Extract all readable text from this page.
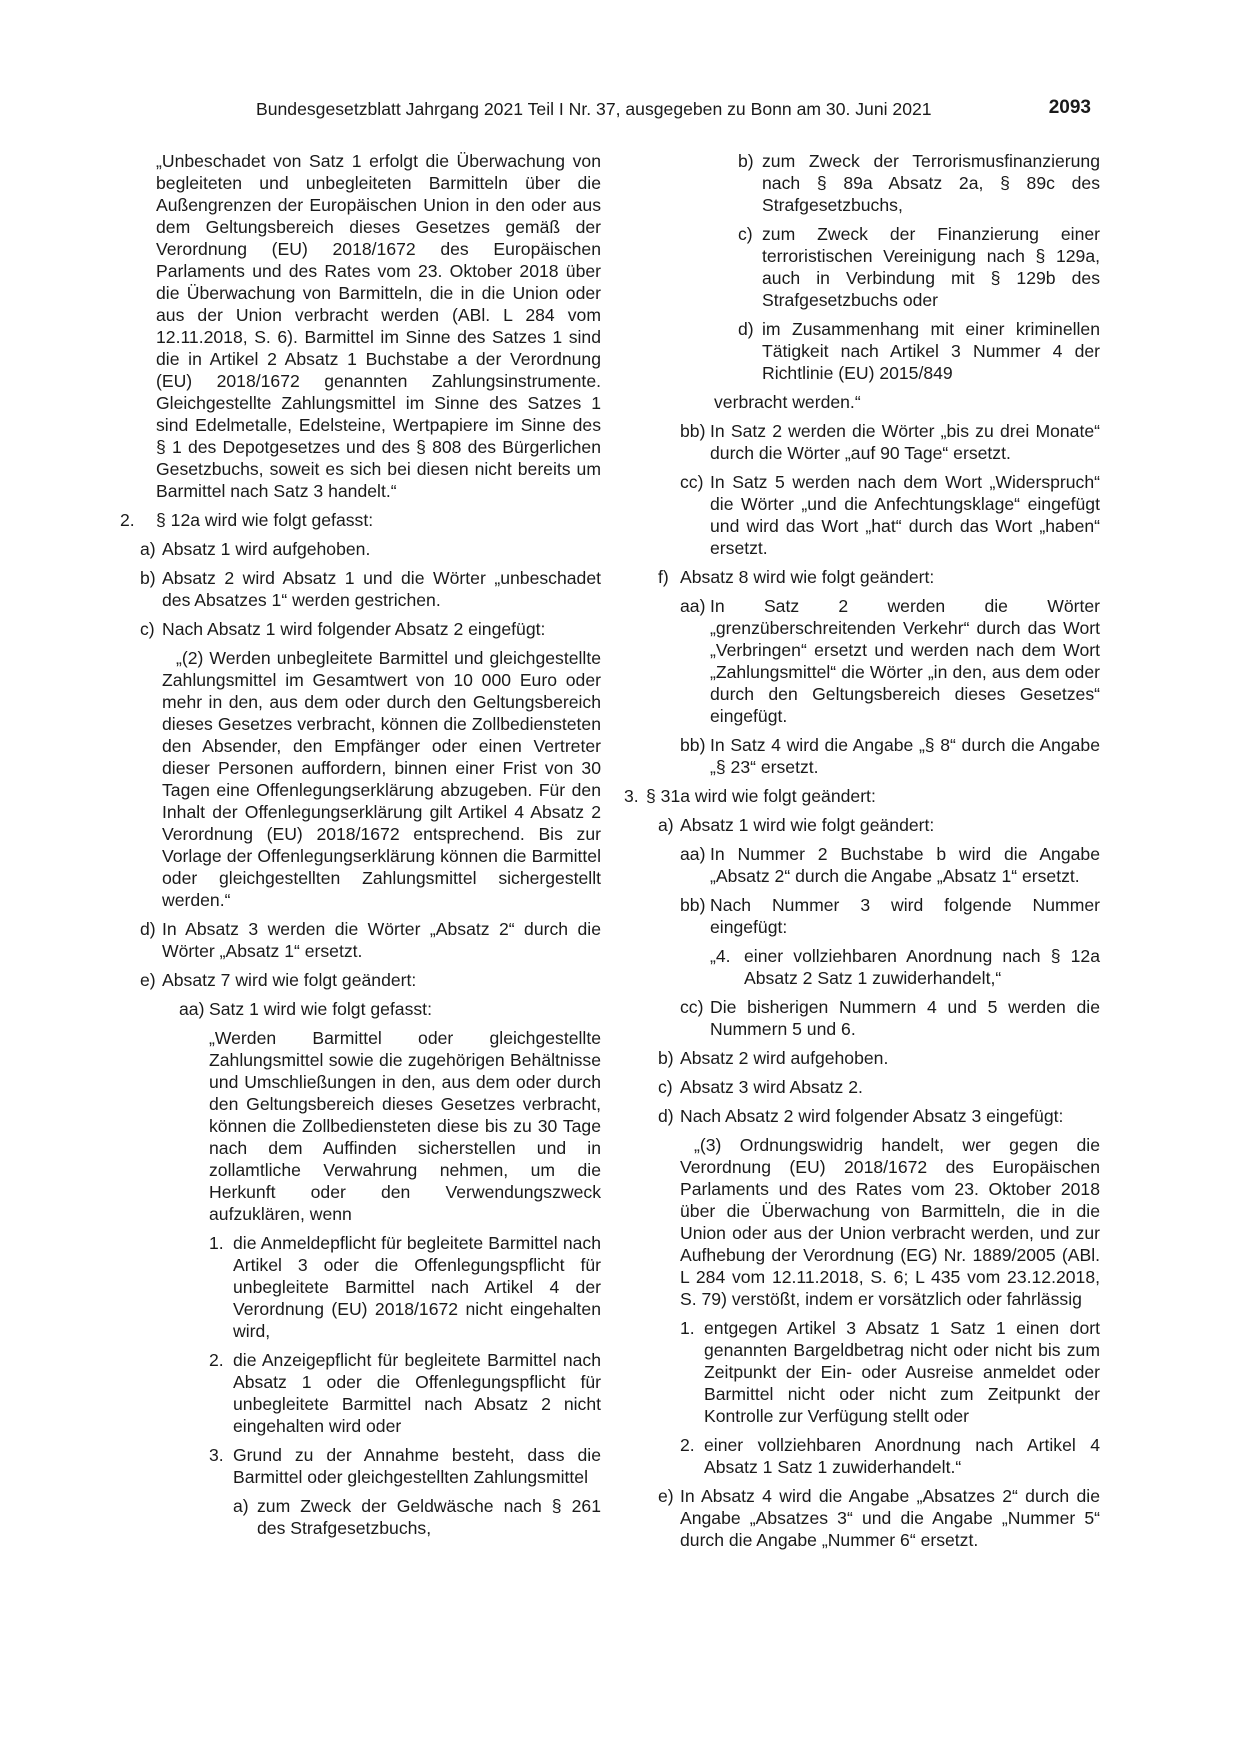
Bundesgesetzblatt Jahrgang 2021 Teil I Nr. 37, ausgegeben zu Bonn am 30. Juni 2021	2093

„Unbeschadet von Satz 1 erfolgt die Überwachung von begleiteten und unbegleiteten Barmitteln über die Außengrenzen der Europäischen Union in den oder aus dem Geltungsbereich dieses Gesetzes gemäß der Verordnung (EU) 2018/1672 des Europäischen Parlaments und des Rates vom 23. Oktober 2018 über die Überwachung von Barmitteln, die in die Union oder aus der Union verbracht werden (ABl. L 284 vom 12.11.2018, S. 6). Barmittel im Sinne des Satzes 1 sind die in Artikel 2 Absatz 1 Buchstabe a der Verordnung (EU) 2018/1672 genannten Zahlungsinstrumente. Gleichgestellte Zahlungsmittel im Sinne des Satzes 1 sind Edelmetalle, Edelsteine, Wertpapiere im Sinne des § 1 des Depotgesetzes und des § 808 des Bürgerlichen Gesetzbuchs, soweit es sich bei diesen nicht bereits um Barmittel nach Satz 3 handelt.“

2. § 12a wird wie folgt gefasst:
a) Absatz 1 wird aufgehoben.
b) Absatz 2 wird Absatz 1 und die Wörter „unbeschadet des Absatzes 1“ werden gestrichen.
c) Nach Absatz 1 wird folgender Absatz 2 eingefügt:

„(2) Werden unbegleitete Barmittel und gleichgestellte Zahlungsmittel im Gesamtwert von 10 000 Euro oder mehr in den, aus dem oder durch den Geltungsbereich dieses Gesetzes verbracht, können die Zollbediensteten den Absender, den Empfänger oder einen Vertreter dieser Personen auffordern, binnen einer Frist von 30 Tagen eine Offenlegungserklärung abzugeben. Für den Inhalt der Offenlegungserklärung gilt Artikel 4 Absatz 2 Verordnung (EU) 2018/1672 entsprechend. Bis zur Vorlage der Offenlegungserklärung können die Barmittel oder gleichgestellten Zahlungsmittel sichergestellt werden.“

d) In Absatz 3 werden die Wörter „Absatz 2“ durch die Wörter „Absatz 1“ ersetzt.
e) Absatz 7 wird wie folgt geändert:
aa) Satz 1 wird wie folgt gefasst:

„Werden Barmittel oder gleichgestellte Zahlungsmittel sowie die zugehörigen Behältnisse und Umschließungen in den, aus dem oder durch den Geltungsbereich dieses Gesetzes verbracht, können die Zollbediensteten diese bis zu 30 Tage nach dem Auffinden sicherstellen und in zollamtliche Verwahrung nehmen, um die Herkunft oder den Verwendungszweck aufzuklären, wenn

1. die Anmeldepflicht für begleitete Barmittel nach Artikel 3 oder die Offenlegungspflicht für unbegleitete Barmittel nach Artikel 4 der Verordnung (EU) 2018/1672 nicht eingehalten wird,
2. die Anzeigepflicht für begleitete Barmittel nach Absatz 1 oder die Offenlegungspflicht für unbegleitete Barmittel nach Absatz 2 nicht eingehalten wird oder
3. Grund zu der Annahme besteht, dass die Barmittel oder gleichgestellten Zahlungsmittel
a) zum Zweck der Geldwäsche nach § 261 des Strafgesetzbuchs,
b) zum Zweck der Terrorismusfinanzierung nach § 89a Absatz 2a, § 89c des Strafgesetzbuchs,
c) zum Zweck der Finanzierung einer terroristischen Vereinigung nach § 129a, auch in Verbindung mit § 129b des Strafgesetzbuchs oder
d) im Zusammenhang mit einer kriminellen Tätigkeit nach Artikel 3 Nummer 4 der Richtlinie (EU) 2015/849

verbracht werden.“

bb) In Satz 2 werden die Wörter „bis zu drei Monate“ durch die Wörter „auf 90 Tage“ ersetzt.
cc) In Satz 5 werden nach dem Wort „Widerspruch“ die Wörter „und die Anfechtungsklage“ eingefügt und wird das Wort „hat“ durch das Wort „haben“ ersetzt.
f) Absatz 8 wird wie folgt geändert:
aa) In Satz 2 werden die Wörter „grenzüberschreitenden Verkehr“ durch das Wort „Verbringen“ ersetzt und werden nach dem Wort „Zahlungsmittel“ die Wörter „in den, aus dem oder durch den Geltungsbereich dieses Gesetzes“ eingefügt.
bb) In Satz 4 wird die Angabe „§ 8“ durch die Angabe „§ 23“ ersetzt.
3. § 31a wird wie folgt geändert:
a) Absatz 1 wird wie folgt geändert:
aa) In Nummer 2 Buchstabe b wird die Angabe „Absatz 2“ durch die Angabe „Absatz 1“ ersetzt.
bb) Nach Nummer 3 wird folgende Nummer eingefügt:
„4. einer vollziehbaren Anordnung nach § 12a Absatz 2 Satz 1 zuwiderhandelt,“
cc) Die bisherigen Nummern 4 und 5 werden die Nummern 5 und 6.
b) Absatz 2 wird aufgehoben.
c) Absatz 3 wird Absatz 2.
d) Nach Absatz 2 wird folgender Absatz 3 eingefügt:

„(3) Ordnungswidrig handelt, wer gegen die Verordnung (EU) 2018/1672 des Europäischen Parlaments und des Rates vom 23. Oktober 2018 über die Überwachung von Barmitteln, die in die Union oder aus der Union verbracht werden, und zur Aufhebung der Verordnung (EG) Nr. 1889/2005 (ABl. L 284 vom 12.11.2018, S. 6; L 435 vom 23.12.2018, S. 79) verstößt, indem er vorsätzlich oder fahrlässig

1. entgegen Artikel 3 Absatz 1 Satz 1 einen dort genannten Bargeldbetrag nicht oder nicht bis zum Zeitpunkt der Ein- oder Ausreise anmeldet oder Barmittel nicht oder nicht zum Zeitpunkt der Kontrolle zur Verfügung stellt oder
2. einer vollziehbaren Anordnung nach Artikel 4 Absatz 1 Satz 1 zuwiderhandelt.“
e) In Absatz 4 wird die Angabe „Absatzes 2“ durch die Angabe „Absatzes 3“ und die Angabe „Nummer 5“ durch die Angabe „Nummer 6“ ersetzt.
